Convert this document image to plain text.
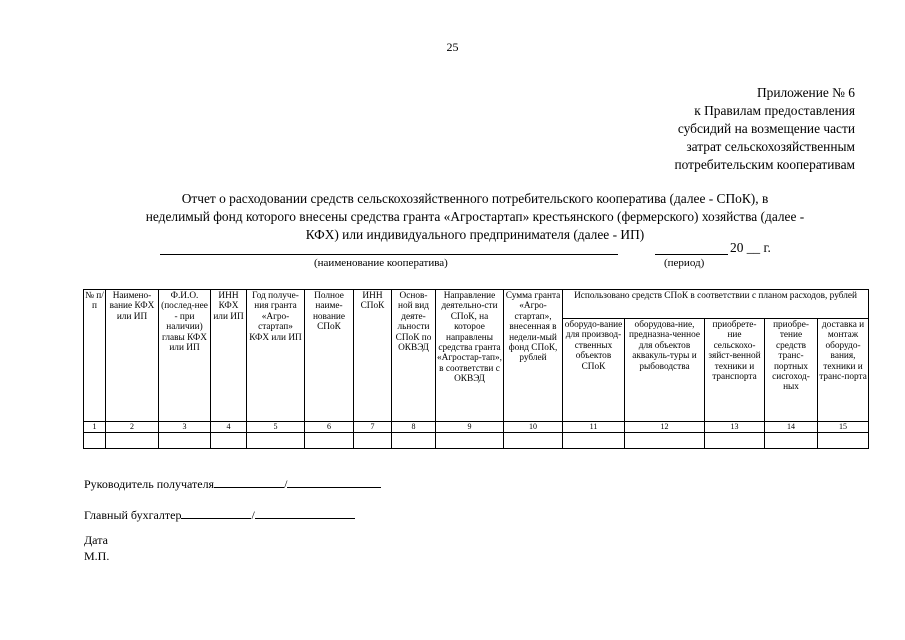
25
Приложение № 6
к Правилам предоставления
субсидий на возмещение части
затрат сельскохозяйственным
потребительским кооперативам
Отчет о расходовании средств сельскохозяйственного потребительского кооператива (далее - СПоК), в
неделимый фонд которого внесены средства гранта «Агростартап» крестьянского (фермерского) хозяйства (далее -
КФХ) или индивидуального предпринимателя (далее - ИП)
20 __ г.
(наименование кооператива)	(период)
№ п/п	Наимено-вание КФХ или ИП	Ф.И.О. (послед-нее - при наличии) главы КФХ или ИП	ИНН КФХ или ИП	Год получе-ния гранта «Агро-стартап» КФХ или ИП	Полное наиме-нование СПоК	ИНН СПоК	Основ-ной вид деяте-льности СПоК по ОКВЭД	Направление деятельно-сти СПоК, на которое направлены средства гранта «Агростар-тап», в соответстви с ОКВЭД	Сумма гранта «Агро-стартап», внесенная в недели-мый фонд СПоК, рублей	Использовано средств СПоК в соответствии с планом расходов, рублей				
										оборудо-вание для производ-ственных объектов СПоК	оборудова-ние, предназна-ченное для объектов аквакуль-туры и рыбоводства	приобрете-ние сельскохо-зяйст-венной техники и транспорта	приобре-тение средств транс-портных сисгоход-ных	доставка и монтаж оборудо-вания, техники и транс-порта
1	2	3	4	5	6	7	8	9	10	11	12	13	14	15

Руководитель получателя	/
Главный бухгалтер	/
Дата
М.П.
